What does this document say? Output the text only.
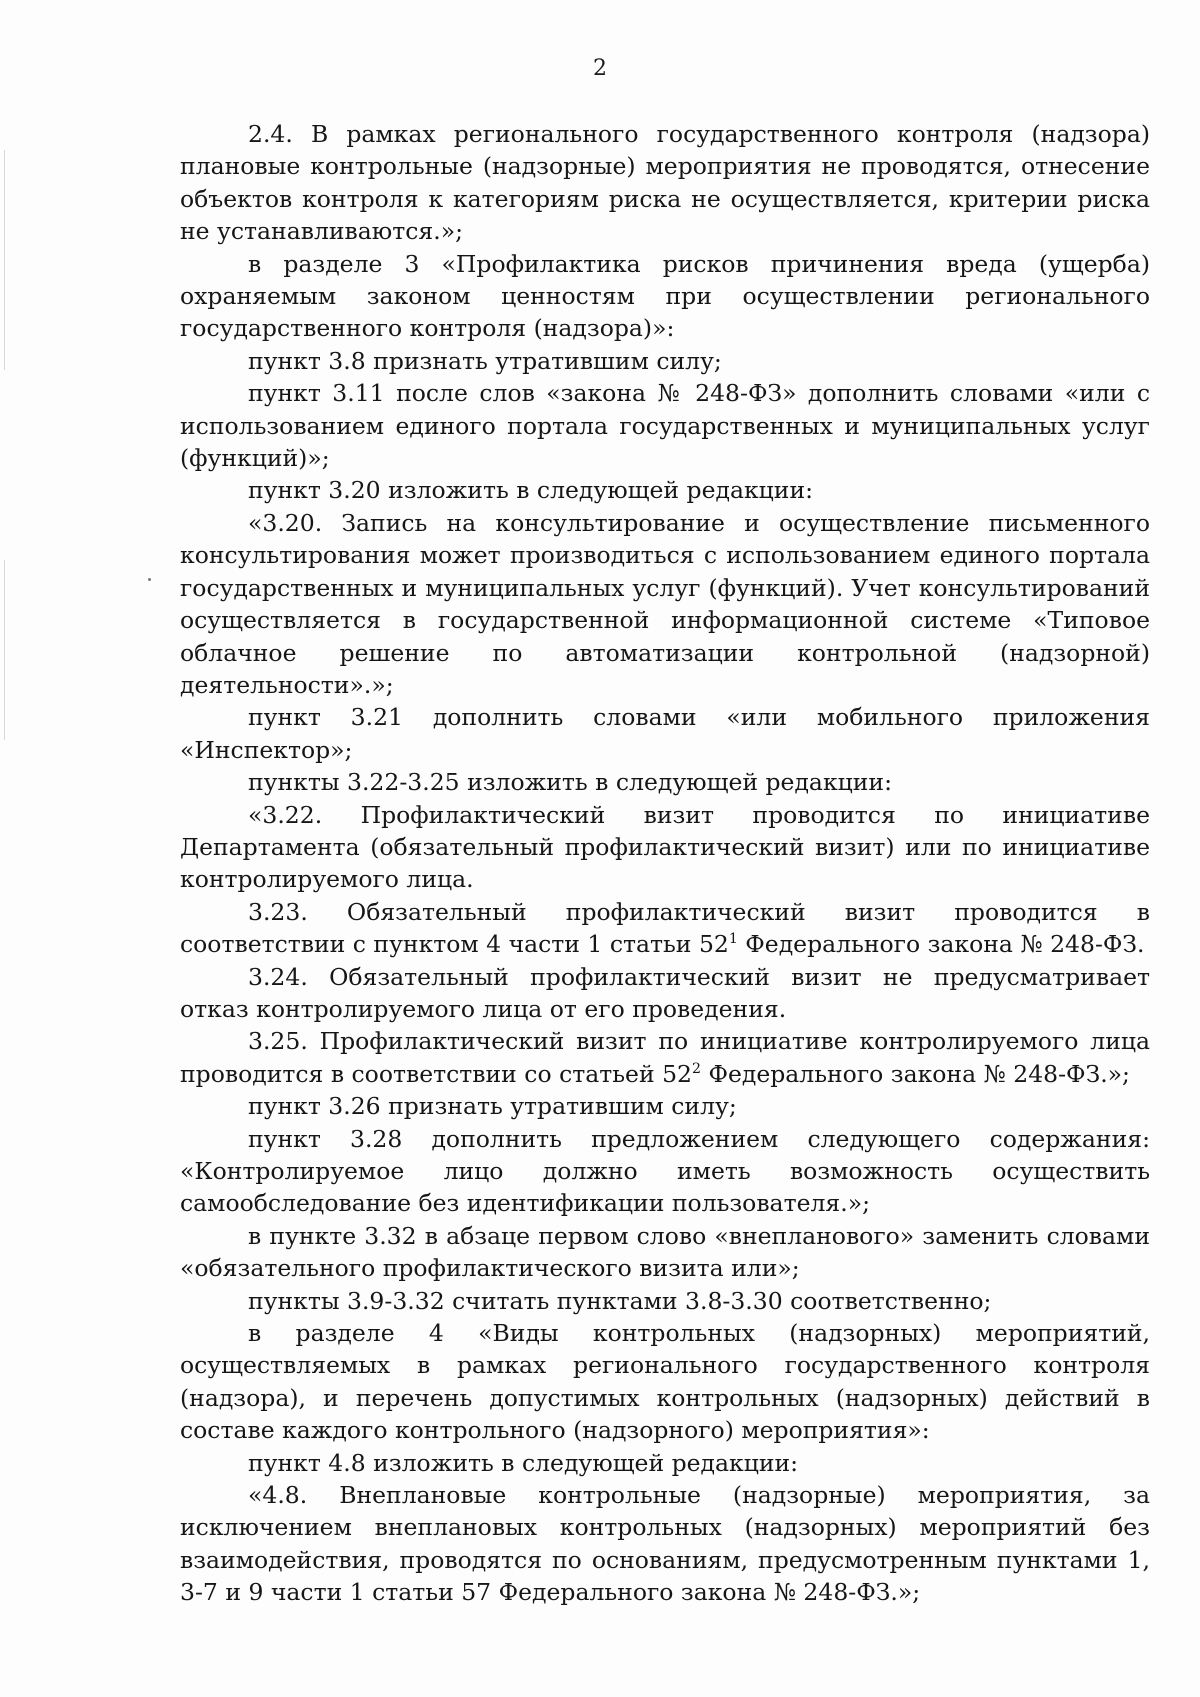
2

2.4. В рамках регионального государственного контроля (надзора) плановые контрольные (надзорные) мероприятия не проводятся, отнесение объектов контроля к категориям риска не осуществляется, критерии риска не устанавливаются.»;

в разделе 3 «Профилактика рисков причинения вреда (ущерба) охраняемым законом ценностям при осуществлении регионального государственного контроля (надзора)»:

пункт 3.8 признать утратившим силу;

пункт 3.11 после слов «закона № 248-ФЗ» дополнить словами «или с использованием единого портала государственных и муниципальных услуг (функций)»;

пункт 3.20 изложить в следующей редакции:

«3.20. Запись на консультирование и осуществление письменного консультирования может производиться с использованием единого портала государственных и муниципальных услуг (функций). Учет консультирований осуществляется в государственной информационной системе «Типовое облачное решение по автоматизации контрольной (надзорной) деятельности».»;

пункт 3.21 дополнить словами «или мобильного приложения «Инспектор»;

пункты 3.22-3.25 изложить в следующей редакции:

«3.22. Профилактический визит проводится по инициативе Департамента (обязательный профилактический визит) или по инициативе контролируемого лица.

3.23. Обязательный профилактический визит проводится в соответствии с пунктом 4 части 1 статьи $52^1$ Федерального закона № 248-ФЗ.

3.24. Обязательный профилактический визит не предусматривает отказ контролируемого лица от его проведения.

3.25. Профилактический визит по инициативе контролируемого лица проводится в соответствии со статьей $52^2$ Федерального закона № 248-ФЗ.»;

пункт 3.26 признать утратившим силу;

пункт 3.28 дополнить предложением следующего содержания: «Контролируемое лицо должно иметь возможность осуществить самообследование без идентификации пользователя.»;

в пункте 3.32 в абзаце первом слово «внепланового» заменить словами «обязательного профилактического визита или»;

пункты 3.9-3.32 считать пунктами 3.8-3.30 соответственно;

в разделе 4 «Виды контрольных (надзорных) мероприятий, осуществляемых в рамках регионального государственного контроля (надзора), и перечень допустимых контрольных (надзорных) действий в составе каждого контрольного (надзорного) мероприятия»:

пункт 4.8 изложить в следующей редакции:

«4.8. Внеплановые контрольные (надзорные) мероприятия, за исключением внеплановых контрольных (надзорных) мероприятий без взаимодействия, проводятся по основаниям, предусмотренным пунктами 1, 3-7 и 9 части 1 статьи 57 Федерального закона № 248-ФЗ.»;
